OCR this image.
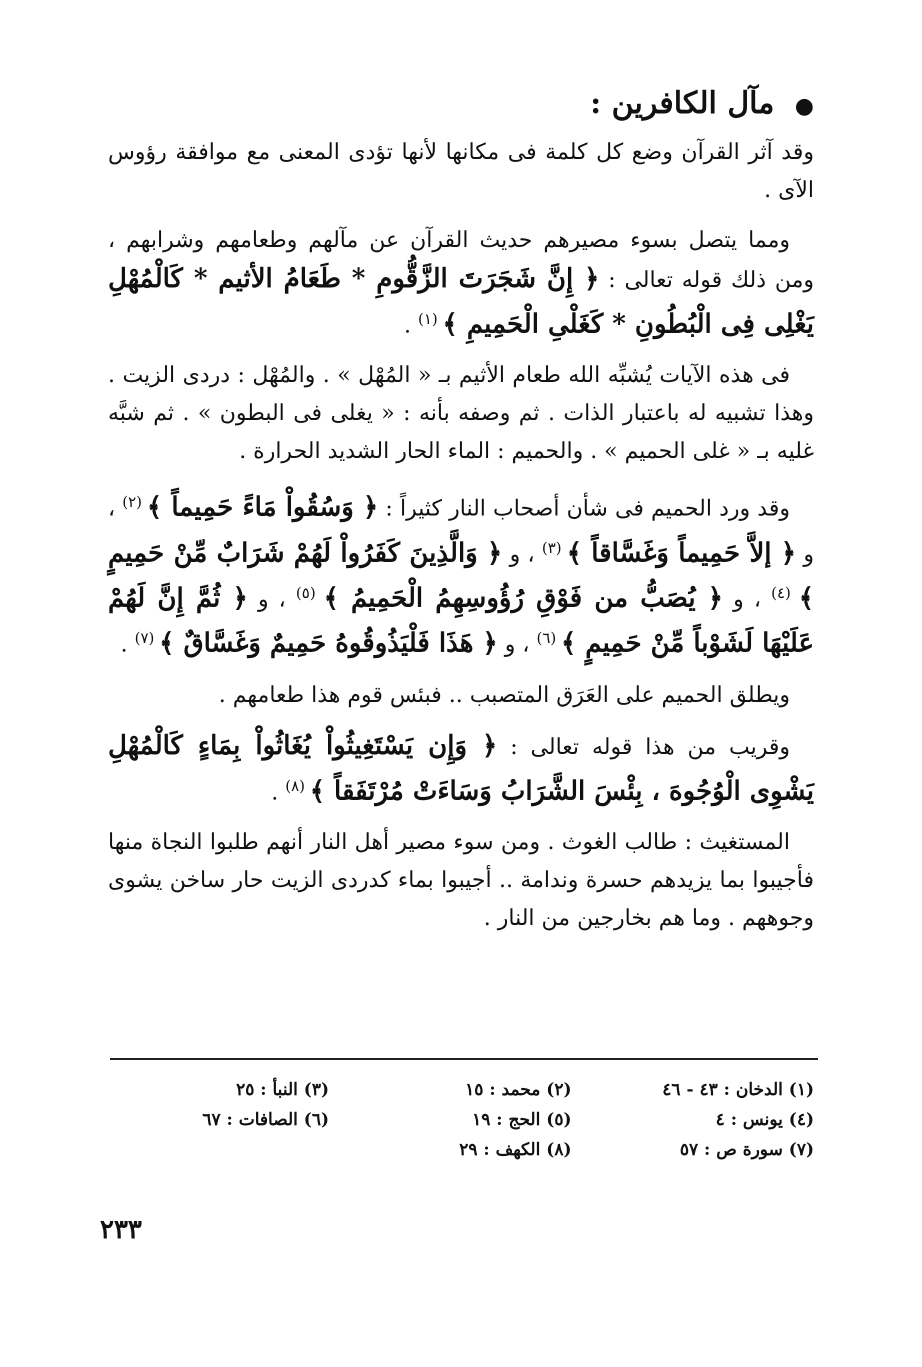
● مآل الكافرين :

وقد آثر القرآن وضع كل كلمة فى مكانها لأنها تؤدى المعنى مع موافقة رؤوس الآى .

ومما يتصل بسوء مصيرهم حديث القرآن عن مآلهم وطعامهم وشرابهم ، ومن ذلك قوله تعالى : ﴿ إِنَّ شَجَرَتَ الزَّقُّومِ * طَعَامُ الأثيم * كَالْمُهْلِ يَغْلِى فِى الْبُطُونِ * كَغَلْىِ الْحَمِيمِ ﴾ $^{(١)}$ .

فى هذه الآيات يُشبِّه الله طعام الأثيم بـ « المُهْل » . والمُهْل : دردى الزيت . وهذا تشبيه له باعتبار الذات . ثم وصفه بأنه : « يغلى فى البطون » . ثم شبَّه غليه بـ « غلى الحميم » . والحميم : الماء الحار الشديد الحرارة .

وقد ورد الحميم فى شأن أصحاب النار كثيراً : ﴿ وَسُقُواْ مَاءً حَمِيماً ﴾ $^{(٢)}$ ، و ﴿ إلاَّ حَمِيماً وَغَسَّاقاً ﴾ $^{(٣)}$ ، و ﴿ وَالَّذِينَ كَفَرُواْ لَهُمْ شَرَابٌ مِّنْ حَمِيمٍ ﴾ $^{(٤)}$ ، و ﴿ يُصَبُّ من فَوْقِ رُؤُوسِهِمُ الْحَمِيمُ ﴾ $^{(٥)}$ ، و ﴿ ثُمَّ إِنَّ لَهُمْ عَلَيْهَا لَشَوْباً مِّنْ حَمِيمٍ ﴾ $^{(٦)}$ ، و ﴿ هَذَا فَلْيَذُوقُوهُ حَمِيمٌ وَغَسَّاقٌ ﴾ $^{(٧)}$ .

ويطلق الحميم على العَرَق المتصبب .. فبئس قوم هذا طعامهم .

وقريب من هذا قوله تعالى : ﴿ وَإِن يَسْتَغِيثُواْ يُغَاثُواْ بِمَاءٍ كَالْمُهْلِ يَشْوِى الْوُجُوهَ ، بِئْسَ الشَّرَابُ وَسَاءَتْ مُرْتَفَقاً ﴾ $^{(٨)}$ .

المستغيث : طالب الغوث . ومن سوء مصير أهل النار أنهم طلبوا النجاة منها فأجيبوا بما يزيدهم حسرة وندامة .. أجيبوا بماء كدردى الزيت حار ساخن يشوى وجوههم . وما هم بخارجين من النار .

(١) الدخان : ٤٣ - ٤٦
(٤) يونس : ٤
(٧) سورة ص : ٥٧
(٢) محمد : ١٥
(٥) الحج : ١٩
(٨) الكهف : ٢٩
(٣) النبأ : ٢٥
(٦) الصافات : ٦٧
٢٣٣
